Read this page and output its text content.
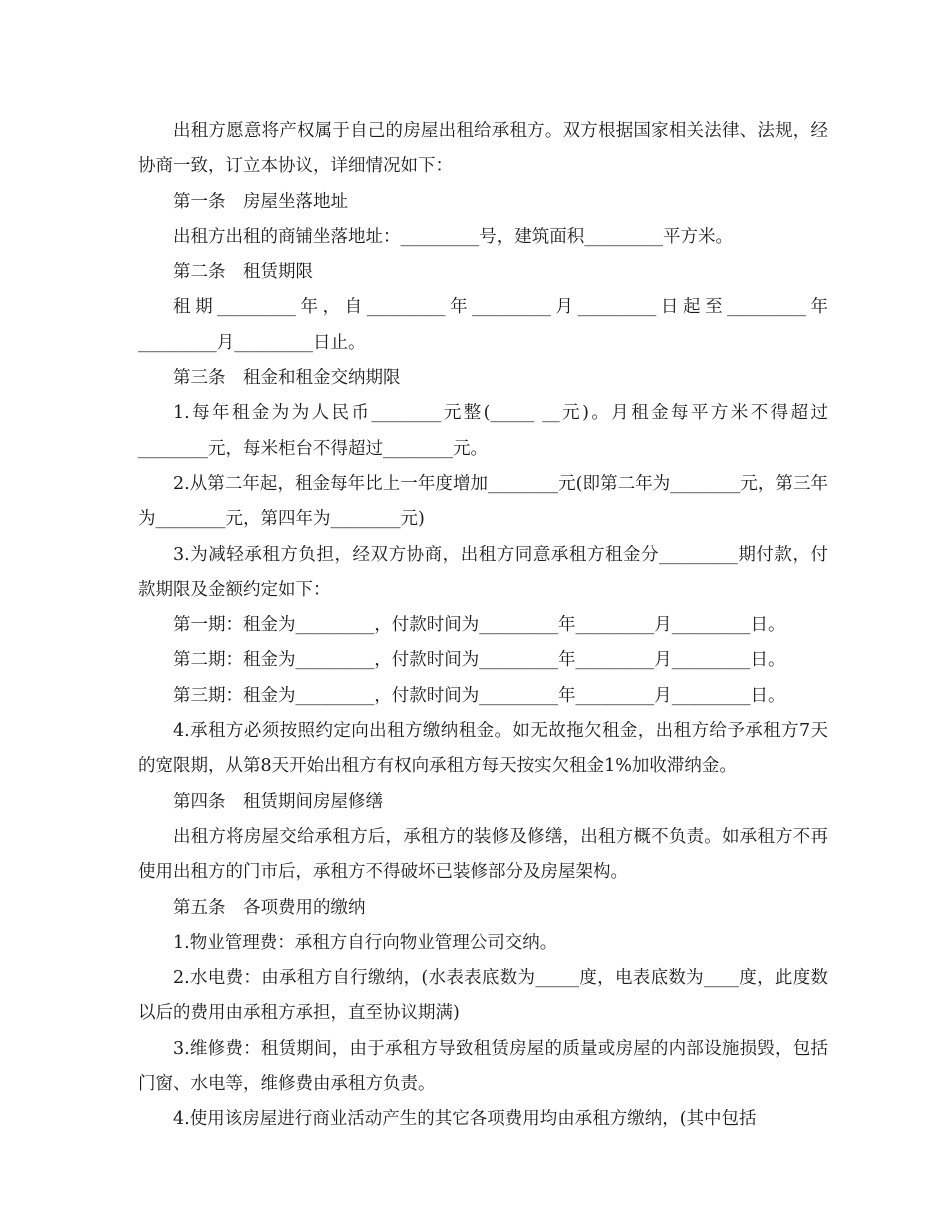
出租方愿意将产权属于自己的房屋出租给承租方。双方根据国家相关法律、法规，经协商一致，订立本协议，详细情况如下：

第一条　房屋坐落地址

出租方出租的商铺坐落地址：_________号，建筑面积_________平方米。

第二条　租赁期限

租期_________年，自_________年_________月_________日起至_________年_________月_________日止。

第三条　租金和租金交纳期限

1.每年租金为为人民币________元整(_____ __元)。月租金每平方米不得超过________元，每米柜台不得超过________元。

2.从第二年起，租金每年比上一年度增加________元(即第二年为________元，第三年为________元，第四年为________元)

3.为减轻承租方负担，经双方协商，出租方同意承租方租金分_________期付款，付款期限及金额约定如下：

第一期：租金为_________，付款时间为_________年_________月_________日。

第二期：租金为_________，付款时间为_________年_________月_________日。

第三期：租金为_________，付款时间为_________年_________月_________日。

4.承租方必须按照约定向出租方缴纳租金。如无故拖欠租金，出租方给予承租方7天的宽限期，从第8天开始出租方有权向承租方每天按实欠租金1%加收滞纳金。

第四条　租赁期间房屋修缮

出租方将房屋交给承租方后，承租方的装修及修缮，出租方概不负责。如承租方不再使用出租方的门市后，承租方不得破坏已装修部分及房屋架构。

第五条　各项费用的缴纳

1.物业管理费：承租方自行向物业管理公司交纳。

2.水电费：由承租方自行缴纳，(水表表底数为_____度，电表底数为____度，此度数以后的费用由承租方承担，直至协议期满)

3.维修费：租赁期间，由于承租方导致租赁房屋的质量或房屋的内部设施损毁，包括门窗、水电等，维修费由承租方负责。

4.使用该房屋进行商业活动产生的其它各项费用均由承租方缴纳，(其中包括
